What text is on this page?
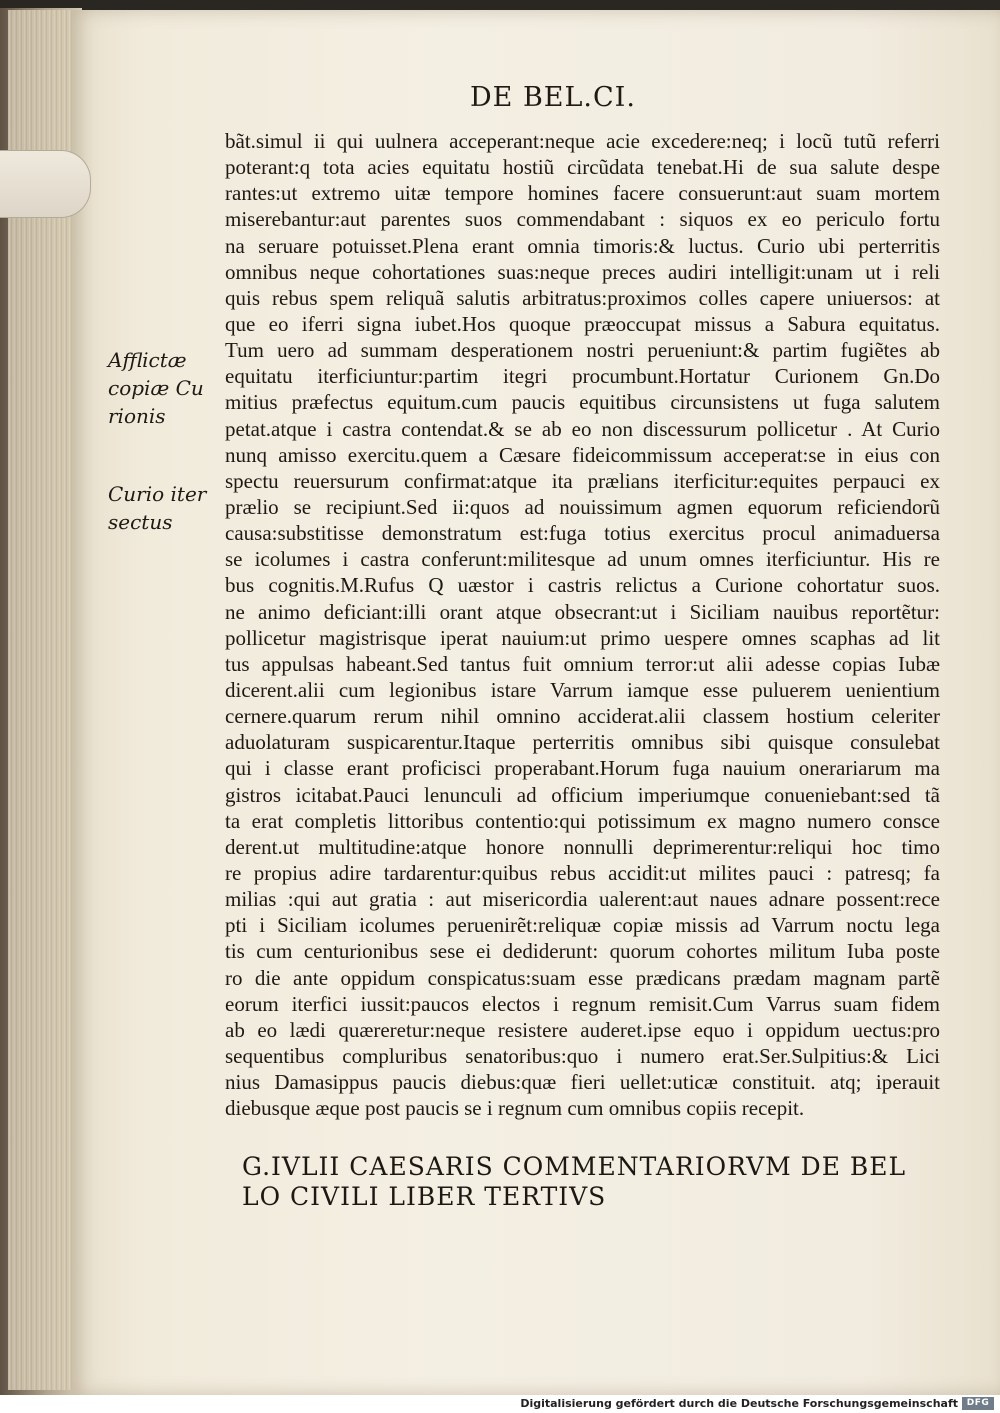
DE BEL.CI.
Afflictæ
copiæ Cu
rionis
Curio iter
sectus
bãt.simul ii qui uulnera acceperant:neque acie excedere:neq; i locũ tutũ referri
poterant:q tota acies equitatu hostiũ circũdata tenebat.Hi de sua salute despe
rantes:ut extremo uitæ tempore homines facere consuerunt:aut suam mortem
miserebantur:aut parentes suos commendabant : siquos ex eo periculo fortu
na seruare potuisset.Plena erant omnia timoris:& luctus. Curio ubi perterritis
omnibus neque cohortationes suas:neque preces audiri intelligit:unam ut i reli
quis rebus spem reliquã salutis arbitratus:proximos colles capere uniuersos: at
que eo iferri signa iubet.Hos quoque præoccupat missus a Sabura equitatus.
Tum uero ad summam desperationem nostri perueniunt:& partim fugiẽtes ab
equitatu iterficiuntur:partim itegri procumbunt.Hortatur Curionem Gn.Do
mitius præfectus equitum.cum paucis equitibus circunsistens ut fuga salutem
petat.atque i castra contendat.& se ab eo non discessurum pollicetur . At Curio
nunq amisso exercitu.quem a Cæsare fideicommissum acceperat:se in eius con
spectu reuersurum confirmat:atque ita prælians iterficitur:equites perpauci ex
prælio se recipiunt.Sed ii:quos ad nouissimum agmen equorum reficiendorũ
causa:substitisse demonstratum est:fuga totius exercitus procul animaduersa
se icolumes i castra conferunt:militesque ad unum omnes iterficiuntur. His re
bus cognitis.M.Rufus Q uæstor i castris relictus a Curione cohortatur suos.
ne animo deficiant:illi orant atque obsecrant:ut i Siciliam nauibus reportẽtur:
pollicetur magistrisque iperat nauium:ut primo uespere omnes scaphas ad lit
tus appulsas habeant.Sed tantus fuit omnium terror:ut alii adesse copias Iubæ
dicerent.alii cum legionibus istare Varrum iamque esse puluerem uenientium
cernere.quarum rerum nihil omnino acciderat.alii classem hostium celeriter
aduolaturam suspicarentur.Itaque perterritis omnibus sibi quisque consulebat
qui i classe erant proficisci properabant.Horum fuga nauium onerariarum ma
gistros icitabat.Pauci lenunculi ad officium imperiumque conueniebant:sed tã
ta erat completis littoribus contentio:qui potissimum ex magno numero consce
derent.ut multitudine:atque honore nonnulli deprimerentur:reliqui hoc timo
re propius adire tardarentur:quibus rebus accidit:ut milites pauci : patresq; fa
milias :qui aut gratia : aut misericordia ualerent:aut naues adnare possent:rece
pti i Siciliam icolumes peruenirẽt:reliquæ copiæ missis ad Varrum noctu lega
tis cum centurionibus sese ei dediderunt: quorum cohortes militum Iuba poste
ro die ante oppidum conspicatus:suam esse prædicans prædam magnam partẽ
eorum iterfici iussit:paucos electos i regnum remisit.Cum Varrus suam fidem
ab eo lædi quæreretur:neque resistere auderet.ipse equo i oppidum uectus:pro
sequentibus compluribus senatoribus:quo i numero erat.Ser.Sulpitius:& Lici
nius Damasippus paucis diebus:quæ fieri uellet:uticæ constituit. atq; iperauit
diebusque æque post paucis se i regnum cum omnibus copiis recepit.
G.IVLII CAESARIS COMMENTARIORVM DE BEL
LO CIVILI LIBER TERTIVS
Digitalisierung gefördert durch die Deutsche Forschungsgemeinschaft DFG
